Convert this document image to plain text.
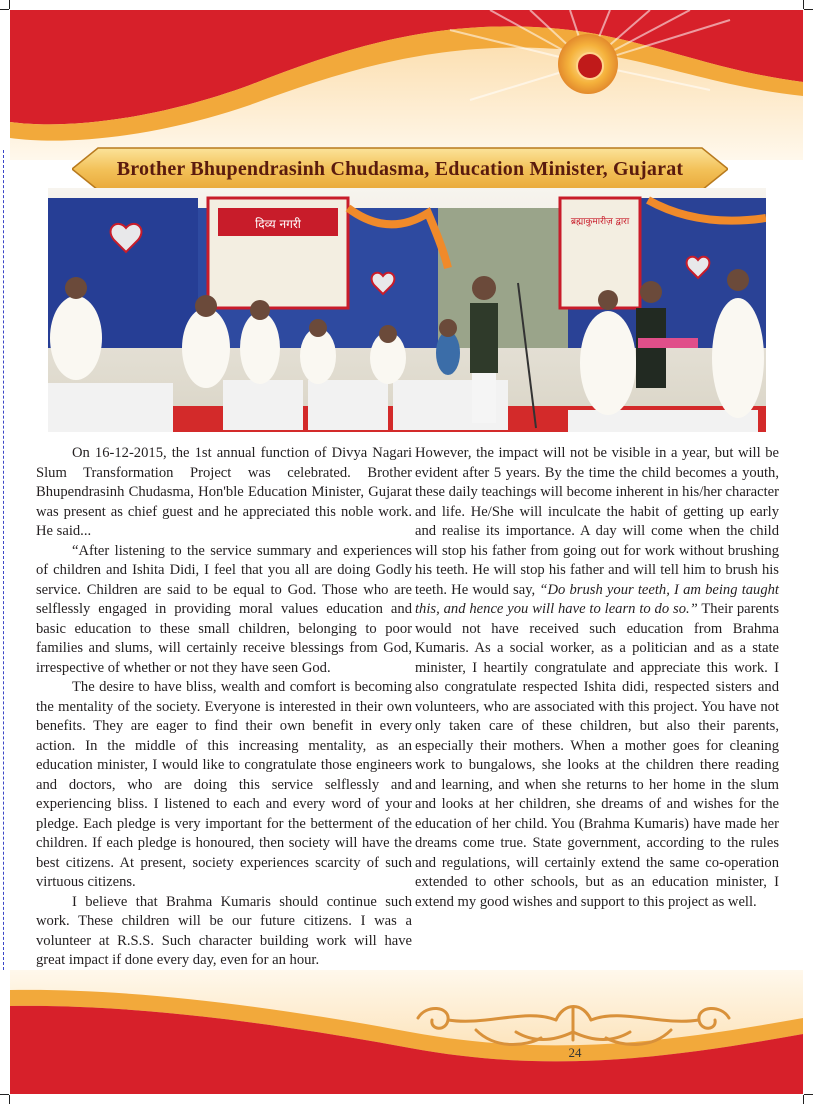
Brother Bhupendrasinh Chudasma, Education Minister, Gujarat
दिव्य नगरी	ब्रह्माकुमारीज़ द्वारा

On 16-12-2015, the 1st annual function of Divya Nagari Slum Transformation Project was celebrated. Brother Bhupendrasinh Chudasma, Hon'ble Education Minister, Gujarat was present as chief guest and he appreciated this noble work. He said...

“After listening to the service summary and experiences of children and Ishita Didi, I feel that you all are doing Godly service. Children are said to be equal to God. Those who are selflessly engaged in providing moral values education and basic education to these small children, belonging to poor families and slums, will certainly receive blessings from God, irrespective of whether or not they have seen God.

The desire to have bliss, wealth and comfort is becoming the mentality of the society. Everyone is interested in their own benefits. They are eager to find their own benefit in every action. In the middle of this increasing mentality, as an education minister, I would like to congratulate those engineers and doctors, who are doing this service selflessly and experiencing bliss. I listened to each and every word of your pledge. Each pledge is very important for the betterment of the children. If each pledge is honoured, then society will have the best citizens. At present, society experiences scarcity of such virtuous citizens.

I believe that Brahma Kumaris should continue such work. These children will be our future citizens. I was a volunteer at R.S.S. Such character building work will have great impact if done every day, even for an hour.

However, the impact will not be visible in a year, but will be evident after 5 years. By the time the child becomes a youth, these daily teachings will become inherent in his/her character and life. He/She will inculcate the habit of getting up early and realise its importance. A day will come when the child will stop his father from going out for work without brushing his teeth. He will stop his father and will tell him to brush his teeth. He would say, “Do brush your teeth, I am being taught this, and hence you will have to learn to do so.” Their parents would not have received such education from Brahma Kumaris. As a social worker, as a politician and as a state minister, I heartily congratulate and appreciate this work. I also congratulate respected Ishita didi, respected sisters and volunteers, who are associated with this project. You have not only taken care of these children, but also their parents, especially their mothers. When a mother goes for cleaning work to bungalows, she looks at the children there reading and learning, and when she returns to her home in the slum and looks at her children, she dreams of and wishes for the education of her child. You (Brahma Kumaris) have made her dreams come true. State government, according to the rules and regulations, will certainly extend the same co-operation extended to other schools, but as an education minister, I extend my good wishes and support to this project as well.

24
